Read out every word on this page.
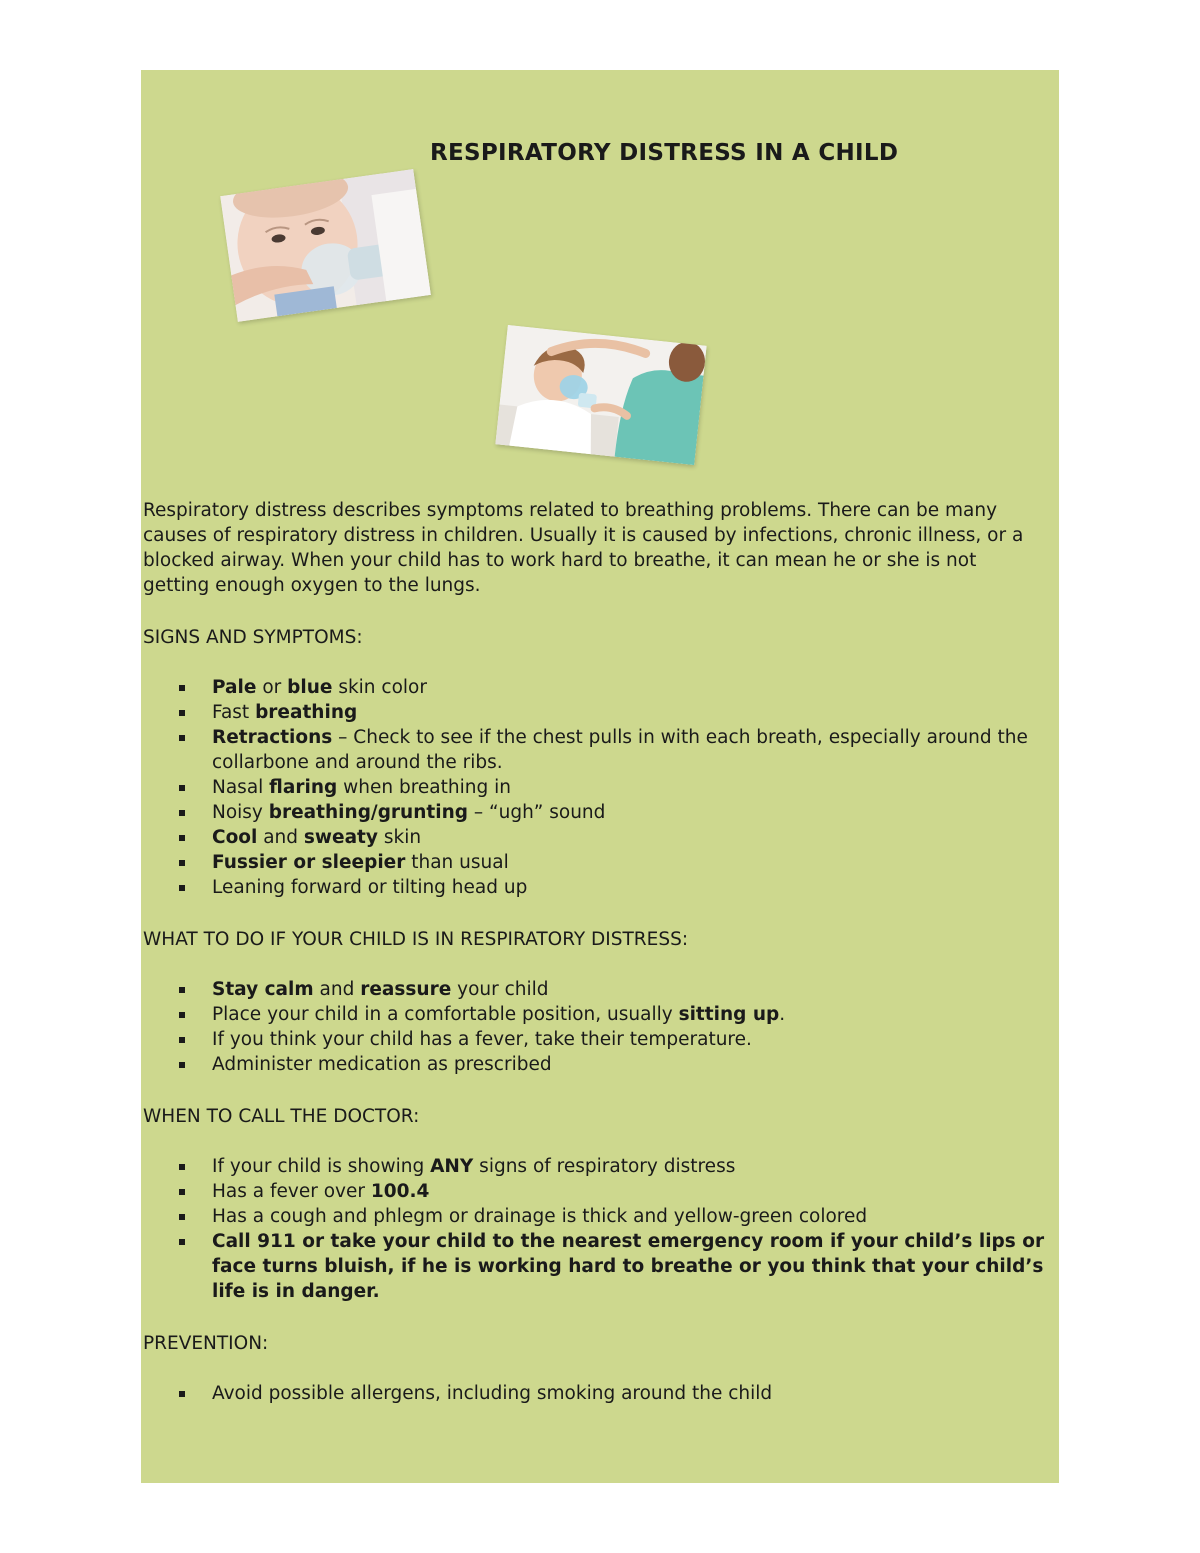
RESPIRATORY DISTRESS IN A CHILD

Respiratory distress describes symptoms related to breathing problems. There can be many causes of respiratory distress in children. Usually it is caused by infections, chronic illness, or a blocked airway. When your child has to work hard to breathe, it can mean he or she is not getting enough oxygen to the lungs.

SIGNS AND SYMPTOMS:

Pale or blue skin color
Fast breathing
Retractions – Check to see if the chest pulls in with each breath, especially around the collarbone and around the ribs.
Nasal flaring when breathing in
Noisy breathing/grunting – “ugh” sound
Cool and sweaty skin
Fussier or sleepier than usual
Leaning forward or tilting head up

WHAT TO DO IF YOUR CHILD IS IN RESPIRATORY DISTRESS:

Stay calm and reassure your child
Place your child in a comfortable position, usually sitting up.
If you think your child has a fever, take their temperature.
Administer medication as prescribed

WHEN TO CALL THE DOCTOR:

If your child is showing ANY signs of respiratory distress
Has a fever over 100.4
Has a cough and phlegm or drainage is thick and yellow-green colored
Call 911 or take your child to the nearest emergency room if your child’s lips or face turns bluish, if he is working hard to breathe or you think that your child’s life is in danger.

PREVENTION:

Avoid possible allergens, including smoking around the child
